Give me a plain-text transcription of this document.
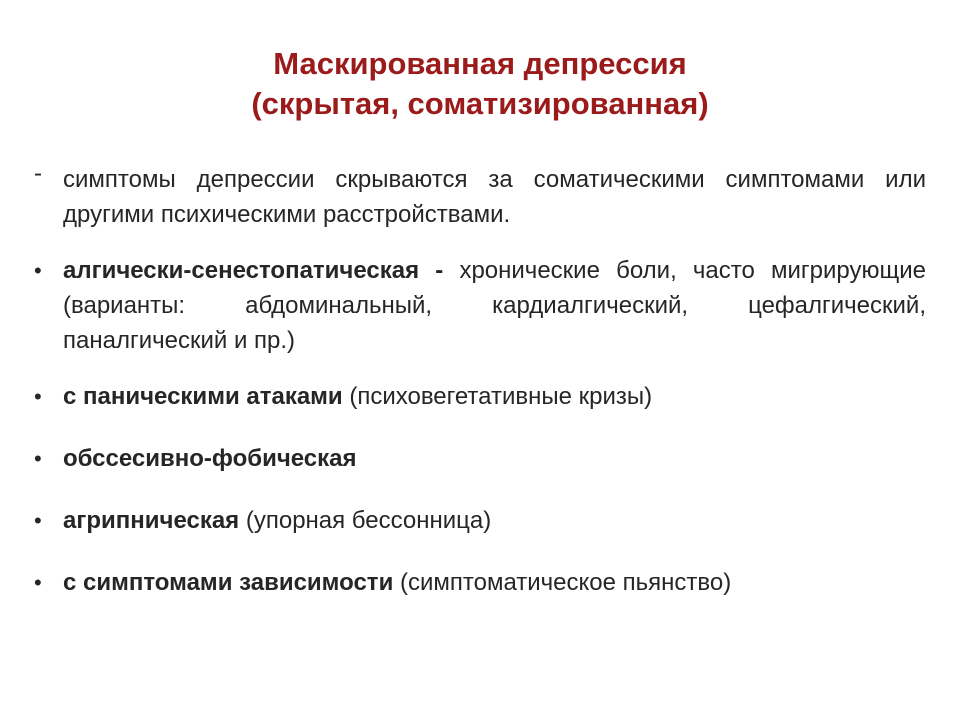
Маскированная депрессия
(скрытая, соматизированная)
- симптомы депрессии скрываются за соматическими симптомами или другими психическими расстройствами.
• алгически-сенестопатическая - хронические боли, часто мигрирующие (варианты: абдоминальный, кардиалгический, цефалгический, паналгический и пр.)
• с паническими атаками (психовегетативные кризы)
• обссесивно-фобическая
• агрипническая (упорная бессонница)
• с симптомами зависимости (симптоматическое пьянство)
